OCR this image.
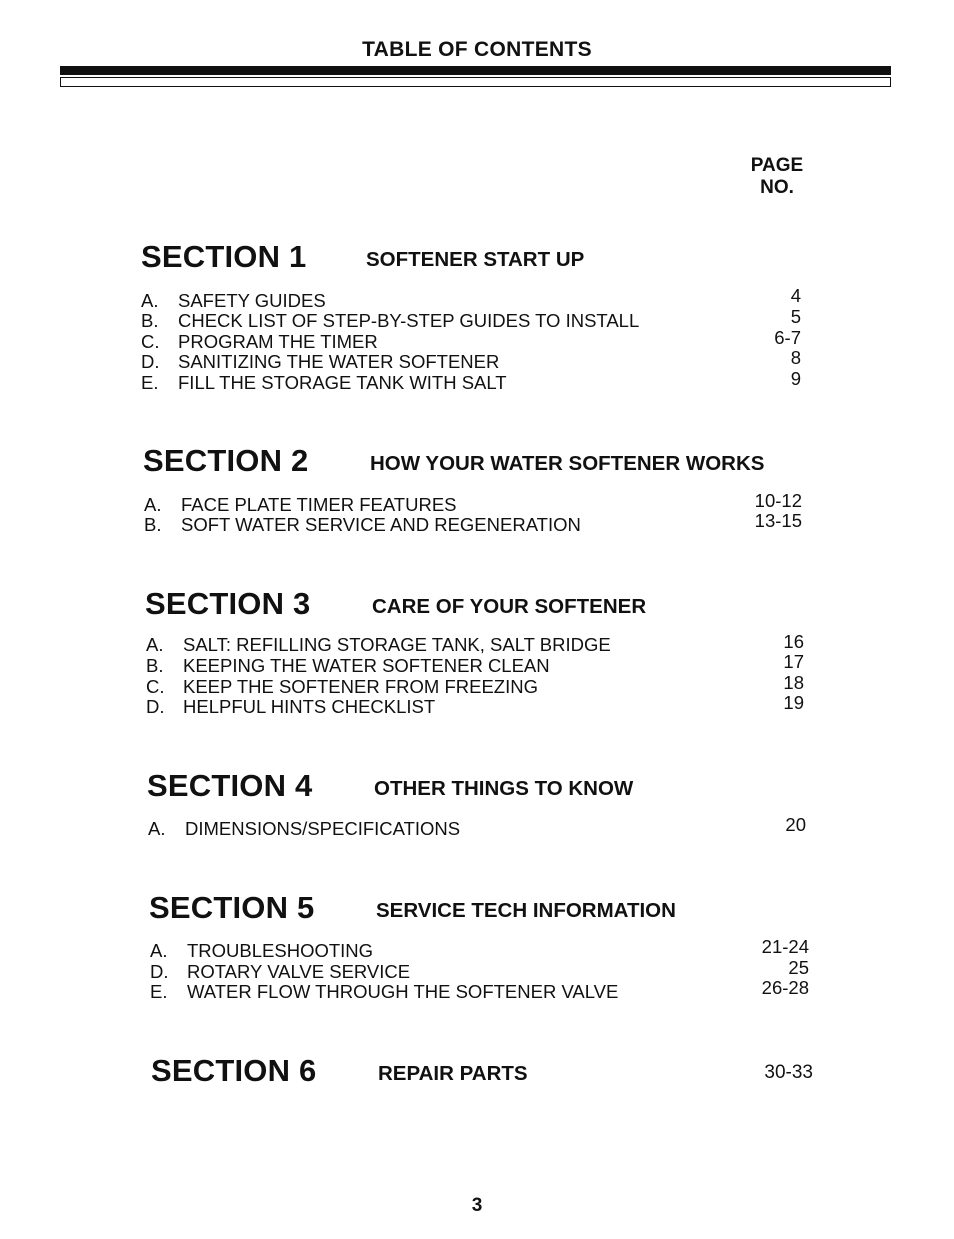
TABLE OF CONTENTS
PAGE
NO.
SECTION 1	SOFTENER START UP
A. SAFETY GUIDES	4
B. CHECK LIST OF STEP-BY-STEP GUIDES TO INSTALL	5
C. PROGRAM THE TIMER	6-7
D. SANITIZING THE WATER SOFTENER	8
E. FILL THE STORAGE TANK WITH SALT	9
SECTION 2	HOW YOUR WATER SOFTENER WORKS
A. FACE PLATE TIMER FEATURES	10-12
B. SOFT WATER SERVICE AND REGENERATION	13-15
SECTION 3	CARE OF YOUR SOFTENER
A. SALT: REFILLING STORAGE TANK, SALT BRIDGE	16
B. KEEPING THE WATER SOFTENER CLEAN	17
C. KEEP THE SOFTENER FROM FREEZING	18
D. HELPFUL HINTS CHECKLIST	19
SECTION 4	OTHER THINGS TO KNOW
A. DIMENSIONS/SPECIFICATIONS	20
SECTION 5	SERVICE TECH INFORMATION
A. TROUBLESHOOTING	21-24
D. ROTARY VALVE SERVICE	25
E. WATER FLOW THROUGH THE SOFTENER VALVE	26-28
SECTION 6	REPAIR PARTS	30-33
3
